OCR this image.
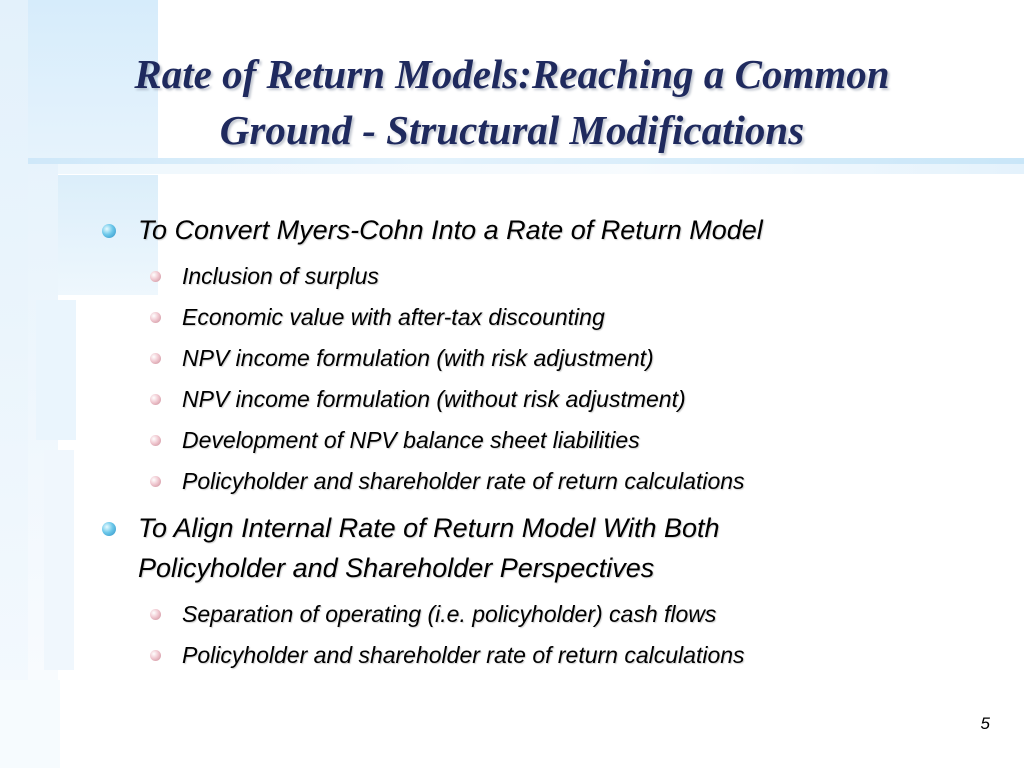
Rate of Return Models:Reaching a Common
Ground - Structural Modifications
To Convert Myers-Cohn Into a Rate of Return Model
Inclusion of surplus
Economic value with after-tax discounting
NPV income formulation (with risk adjustment)
NPV income formulation (without risk adjustment)
Development of NPV balance sheet liabilities
Policyholder and shareholder rate of return calculations
To Align Internal Rate of Return Model With Both
Policyholder and Shareholder Perspectives
Separation of operating (i.e. policyholder) cash flows
Policyholder and shareholder rate of return calculations
5
